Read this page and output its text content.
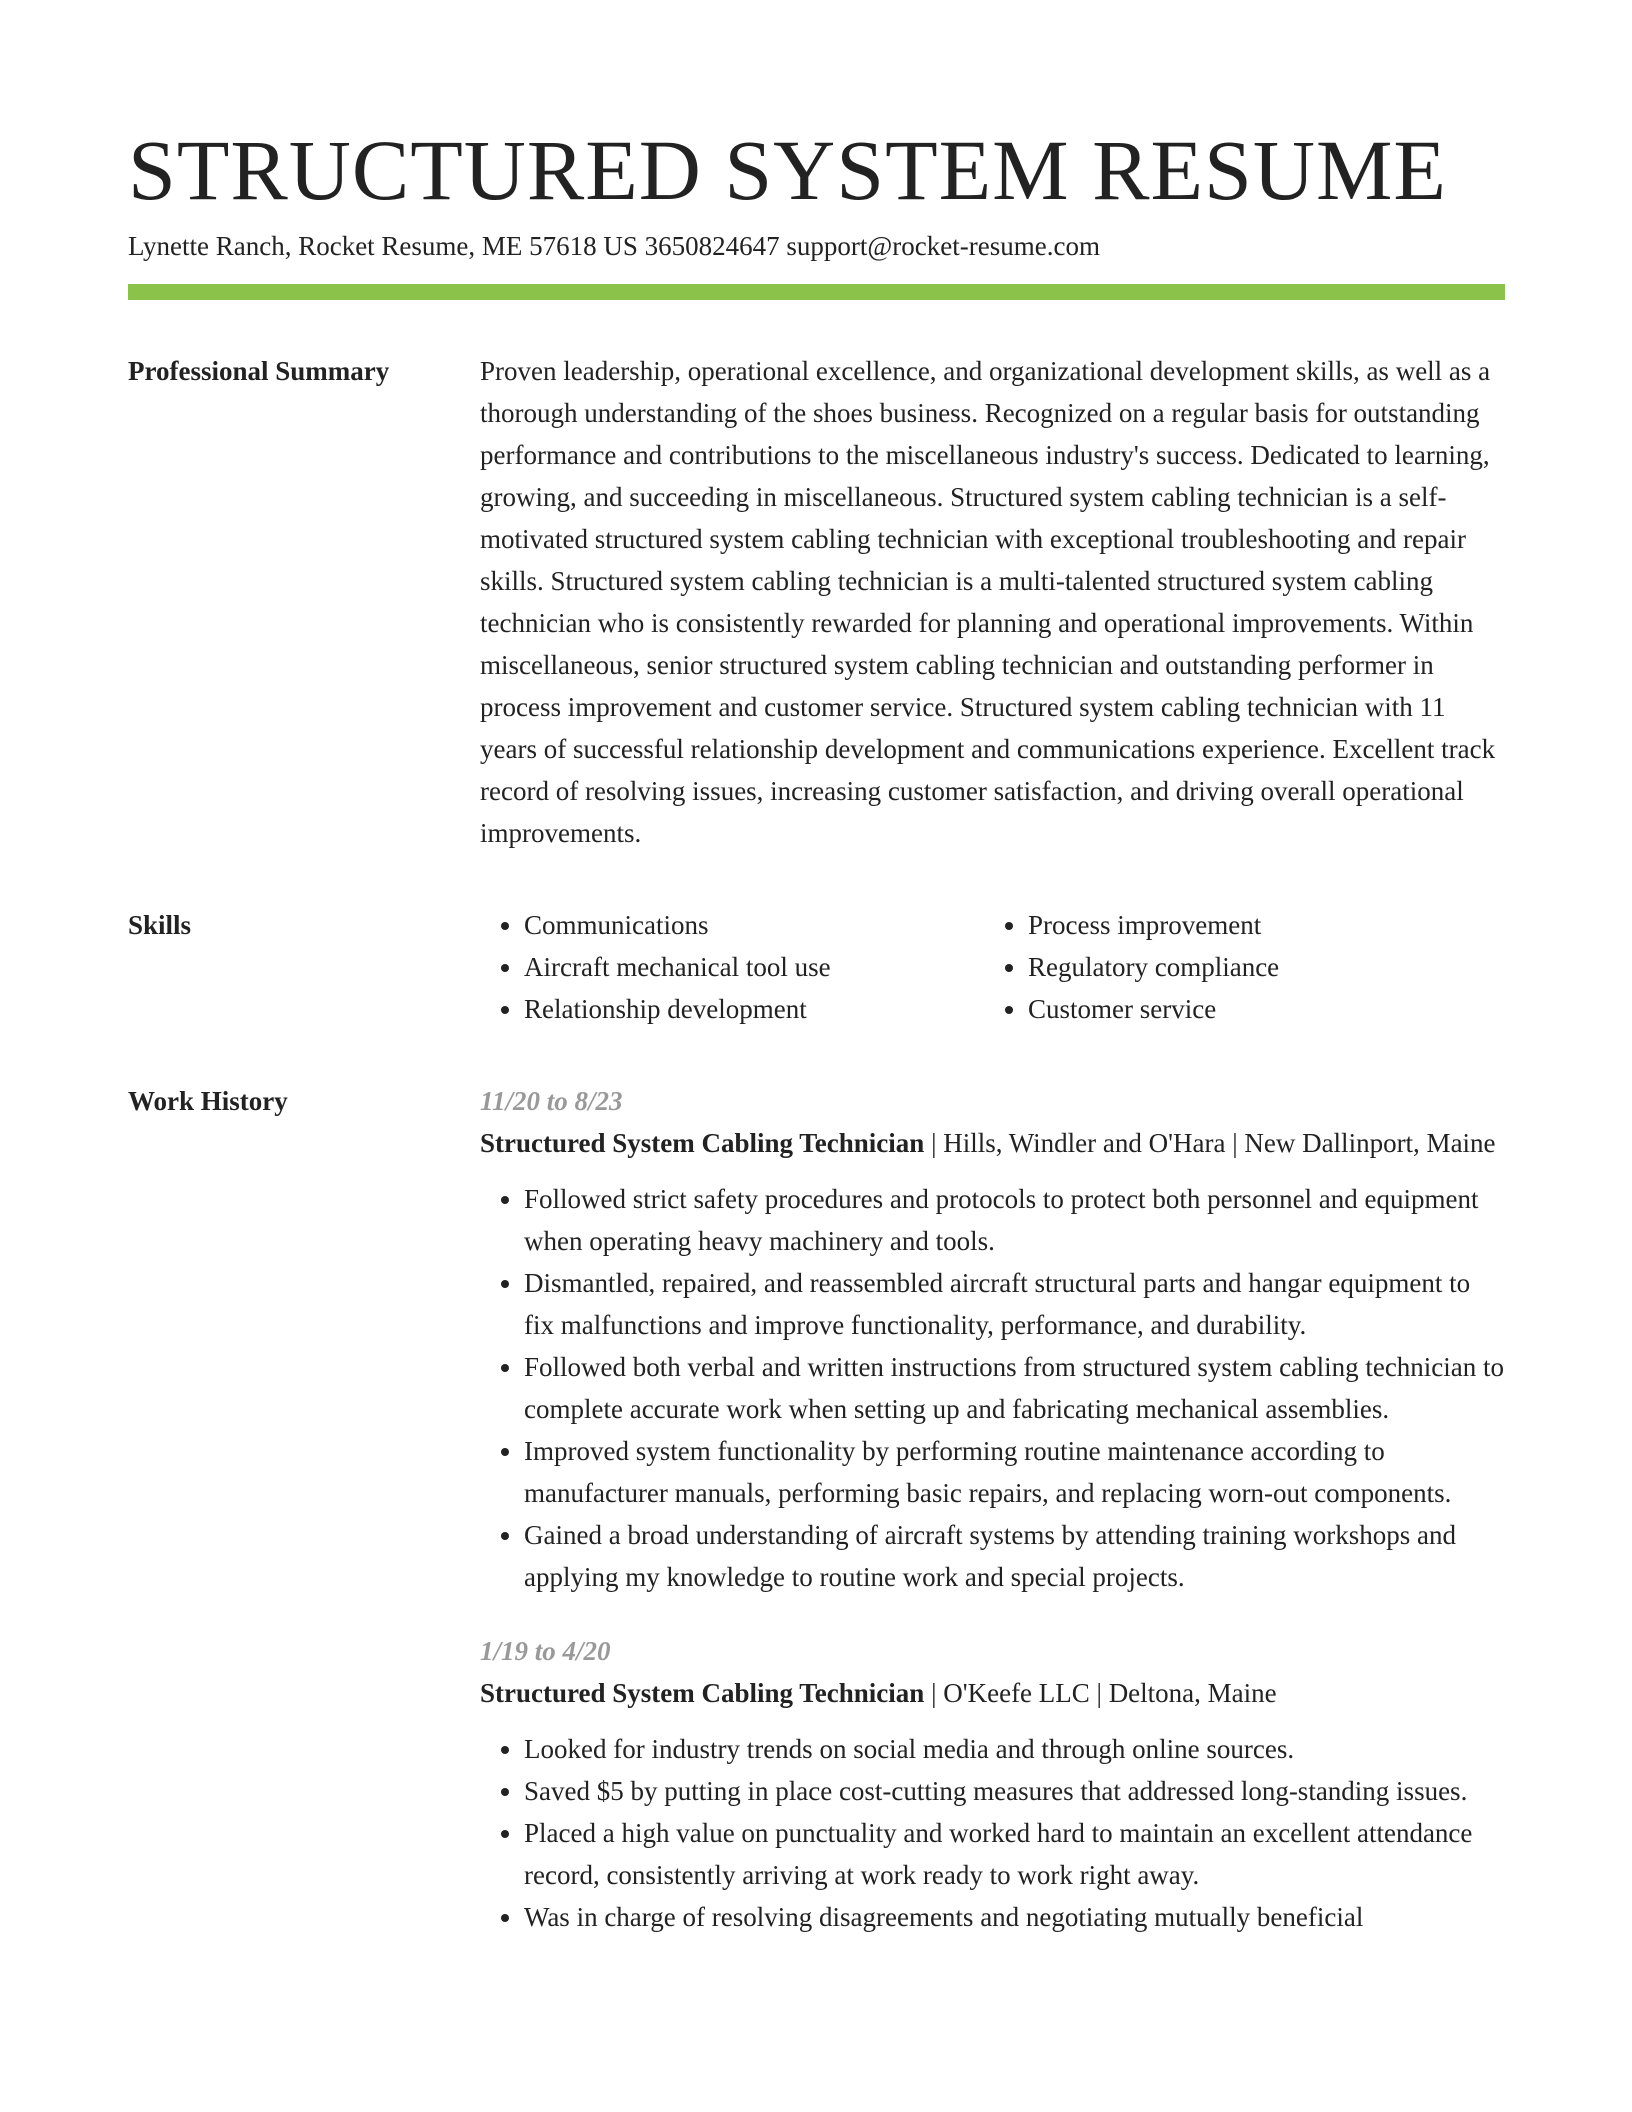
STRUCTURED SYSTEM RESUME
Lynette Ranch, Rocket Resume, ME 57618 US 3650824647 support@rocket-resume.com
Professional Summary	Proven leadership, operational excellence, and organizational development skills, as well as a thorough understanding of the shoes business. Recognized on a regular basis for outstanding performance and contributions to the miscellaneous industry's success. Dedicated to learning, growing, and succeeding in miscellaneous. Structured system cabling technician is a self-motivated structured system cabling technician with exceptional troubleshooting and repair skills. Structured system cabling technician is a multi-talented structured system cabling technician who is consistently rewarded for planning and operational improvements. Within miscellaneous, senior structured system cabling technician and outstanding performer in process improvement and customer service. Structured system cabling technician with 11 years of successful relationship development and communications experience. Excellent track record of resolving issues, increasing customer satisfaction, and driving overall operational improvements.

Skills
•	Communications
• Aircraft mechanical tool use
• Relationship development
• Process improvement
• Regulatory compliance
• Customer service
Work History	11/20 to 8/23
Structured System Cabling Technician | Hills, Windler and O'Hara | New Dallinport, Maine
• Followed strict safety procedures and protocols to protect both personnel and equipment when operating heavy machinery and tools.
• Dismantled, repaired, and reassembled aircraft structural parts and hangar equipment to fix malfunctions and improve functionality, performance, and durability.
• Followed both verbal and written instructions from structured system cabling technician to complete accurate work when setting up and fabricating mechanical assemblies.
• Improved system functionality by performing routine maintenance according to manufacturer manuals, performing basic repairs, and replacing worn-out components.
• Gained a broad understanding of aircraft systems by attending training workshops and applying my knowledge to routine work and special projects.
1/19 to 4/20
Structured System Cabling Technician | O'Keefe LLC | Deltona, Maine
• Looked for industry trends on social media and through online sources.
• Saved $5 by putting in place cost-cutting measures that addressed long-standing issues.
• Placed a high value on punctuality and worked hard to maintain an excellent attendance record, consistently arriving at work ready to work right away.
• Was in charge of resolving disagreements and negotiating mutually beneficial
